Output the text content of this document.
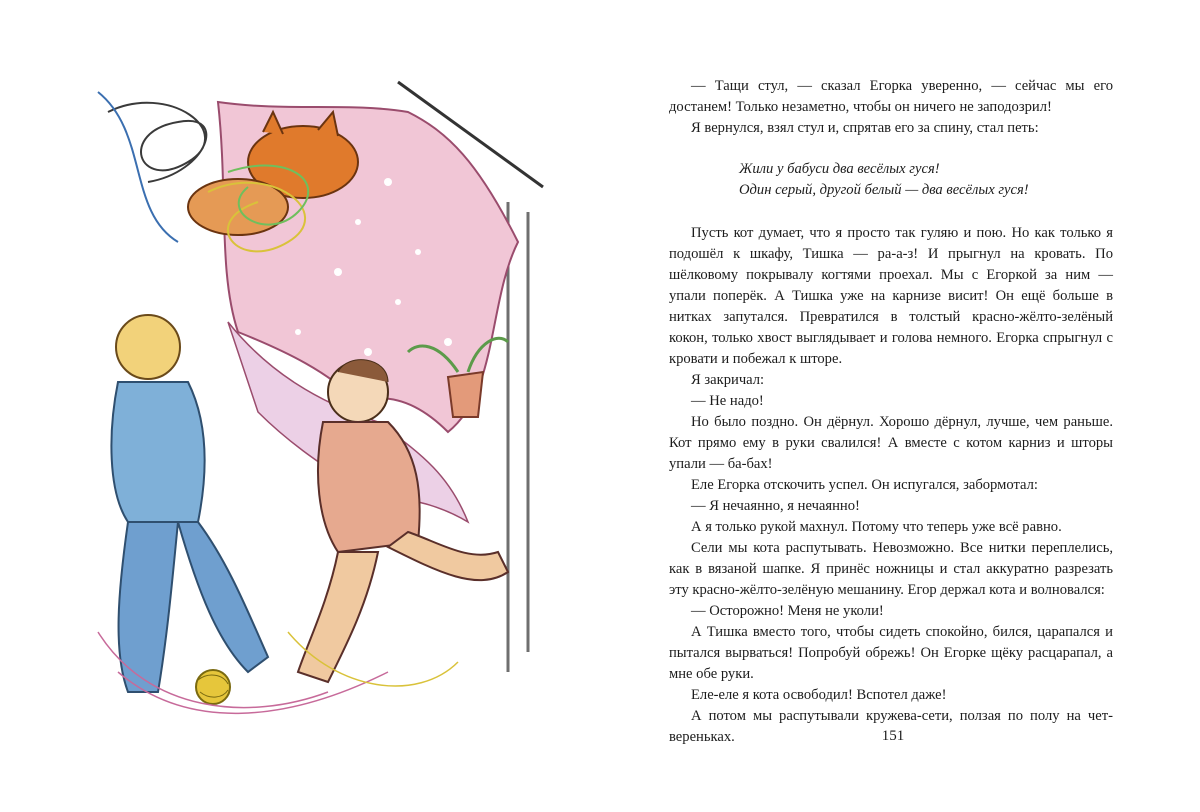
— Тащи стул, — сказал Егорка уверенно, — сейчас мы его достанем! Только незаметно, чтобы он ничего не заподозрил!

Я вернулся, взял стул и, спрятав его за спину, стал петь:

Жили у бабуси два весёлых гуся!
Один серый, другой белый — два весёлых гуся!

Пусть кот думает, что я просто так гуляю и пою. Но как только я подошёл к шкафу, Тишка — ра-а-з! И прыгнул на кровать. По шёлковому покрывалу когтями проехал. Мы с Егоркой за ним — упали поперёк. А Тишка уже на карнизе висит! Он ещё больше в нитках запутался. Превратился в толстый красно-жёлто-зелёный кокон, только хвост выглядывает и голова немного. Егорка спрыгнул с кровати и побежал к шторе.

Я закричал:

— Не надо!

Но было поздно. Он дёрнул. Хорошо дёрнул, лучше, чем раньше. Кот прямо ему в руки свалился! А вместе с котом карниз и шторы упали — ба-бах!

Еле Егорка отскочить успел. Он испугался, забормотал:

— Я нечаянно, я нечаянно!

А я только рукой махнул. Потому что теперь уже всё равно.

Сели мы кота распутывать. Невозможно. Все нитки переплелись, как в вязаной шапке. Я принёс ножницы и стал аккуратно разрезать эту красно-жёлто-зелёную мешанину. Егор держал кота и волновался:

— Осторожно! Меня не уколи!

А Тишка вместо того, чтобы сидеть спокойно, бился, царапался и пытался вырваться! Попробуй обрежь! Он Егорке щёку расцарапал, а мне обе руки.

Еле-еле я кота освободил! Вспотел даже!

А потом мы распутывали кружева-сети, ползая по полу на четвереньках.	151
